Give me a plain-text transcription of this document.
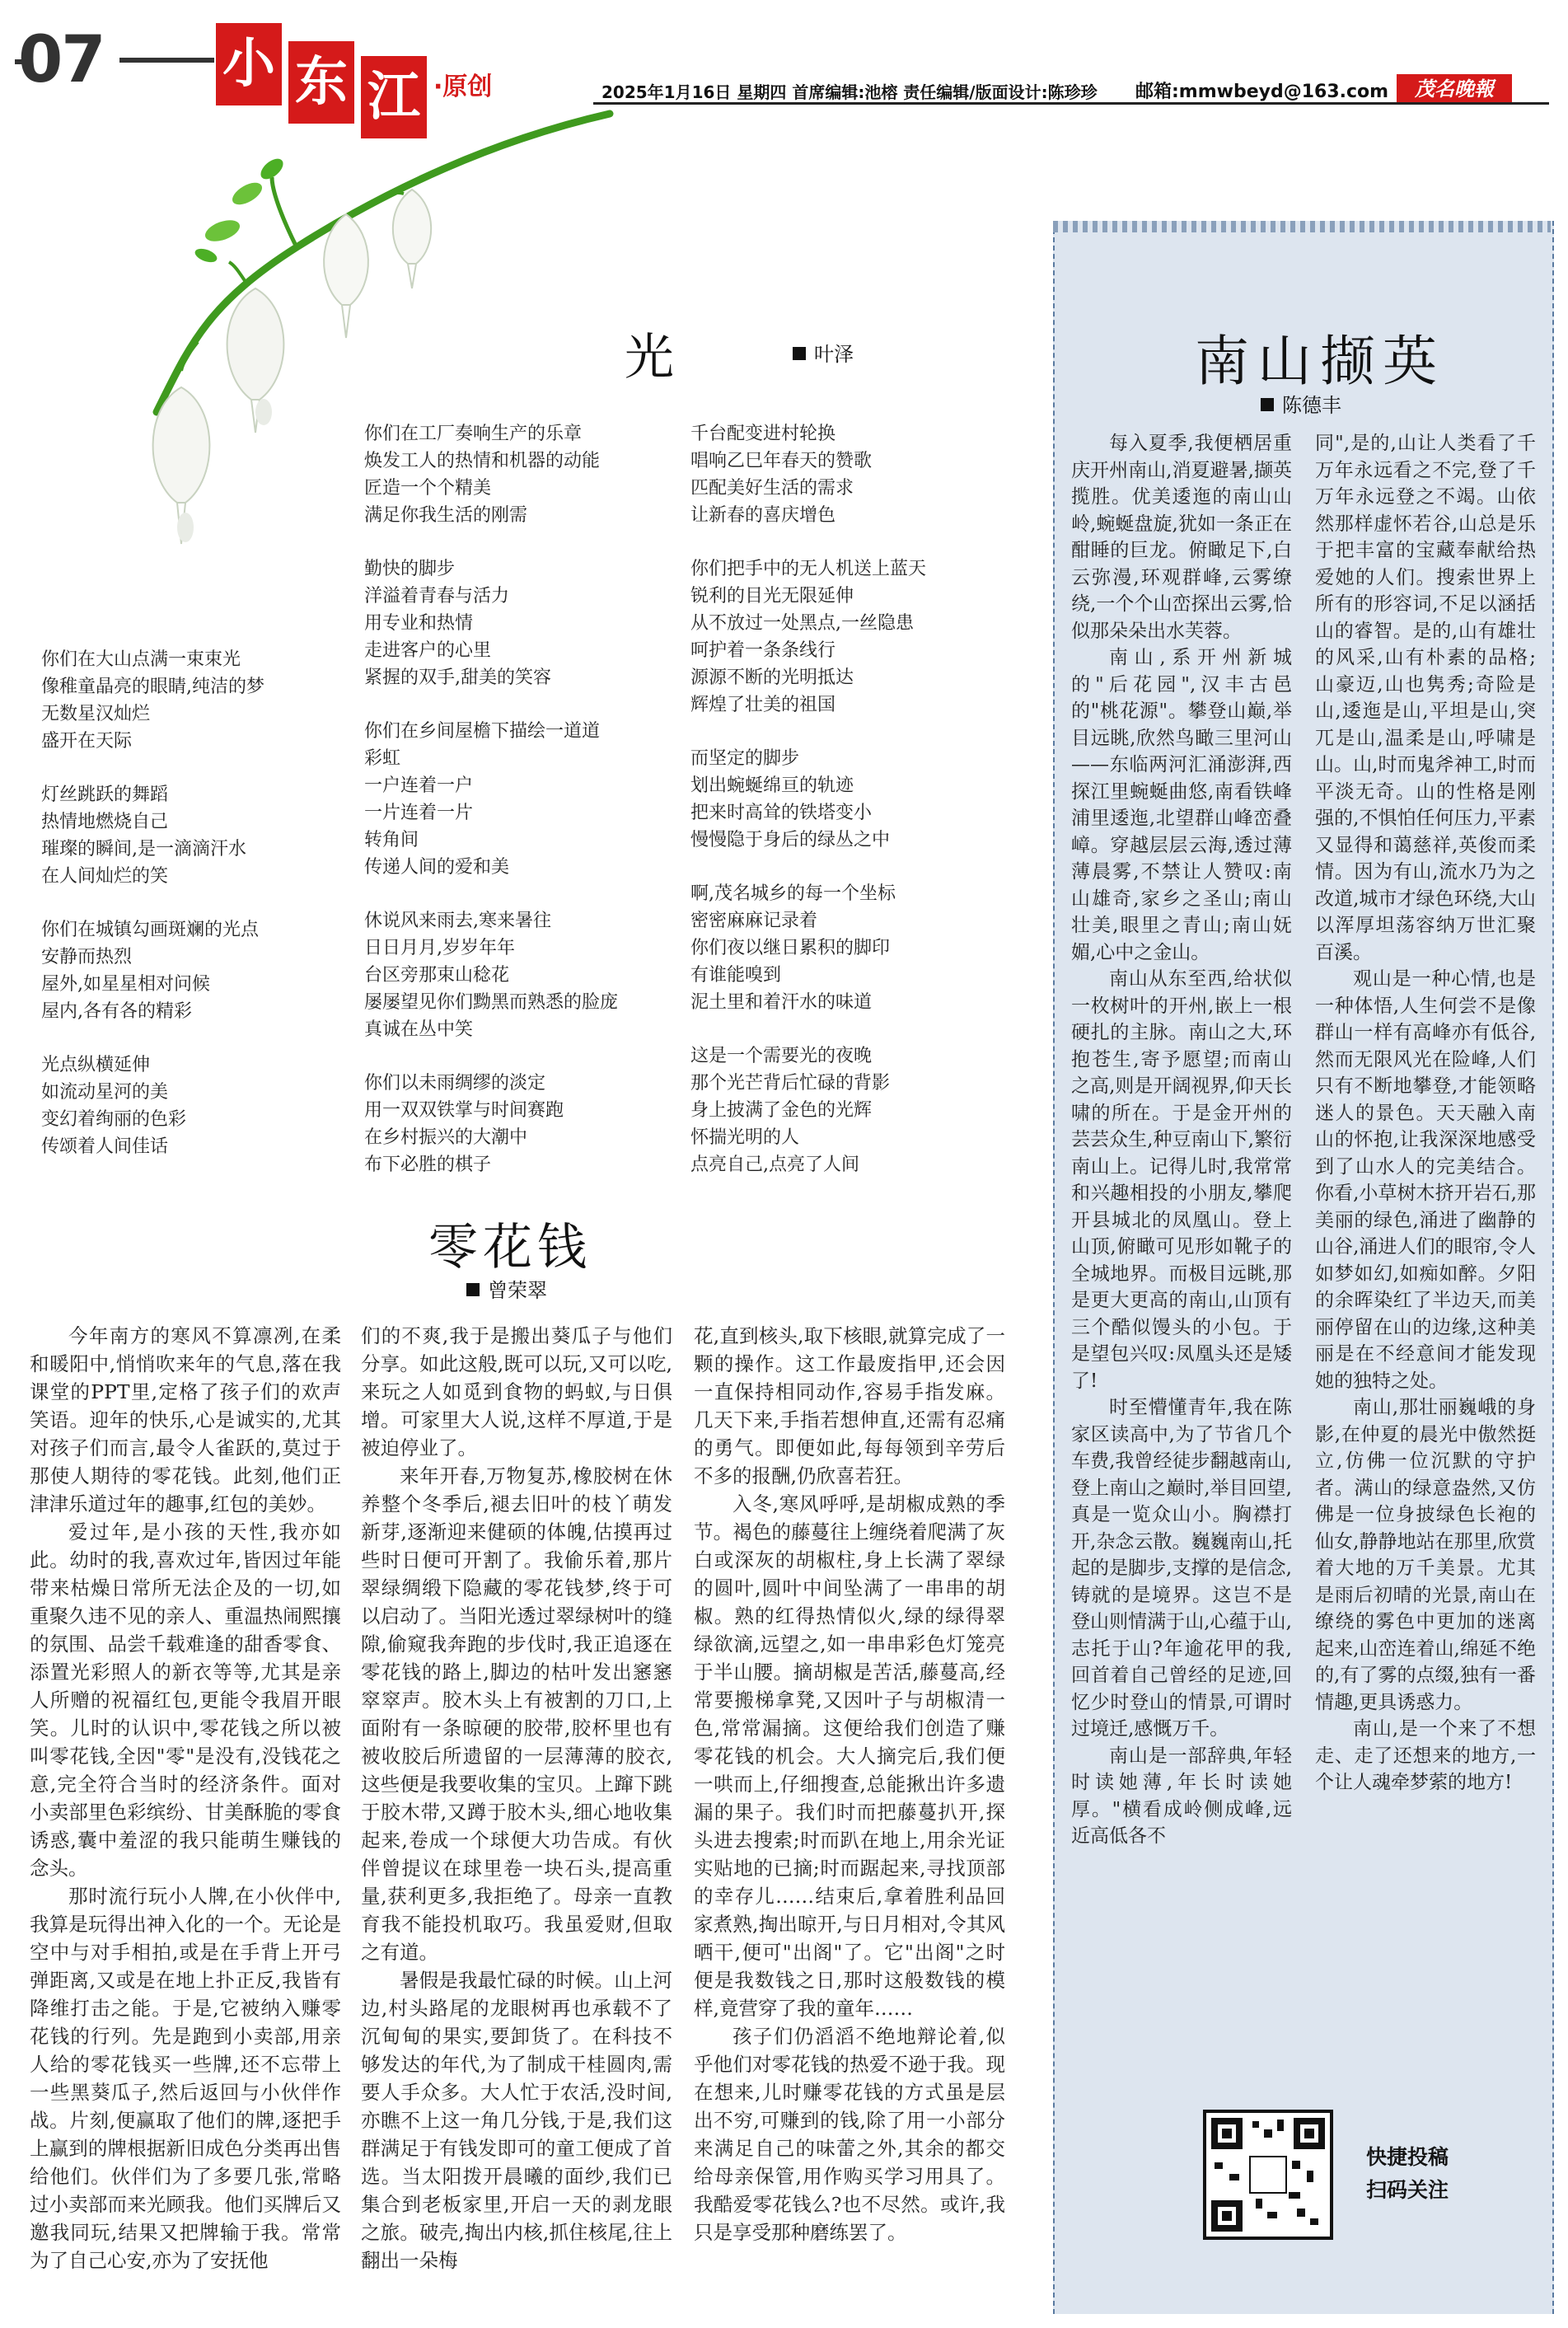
07 小 东 江 ·原创	2025年1月16日 星期四 首席编辑:池榕 责任编辑/版面设计:陈珍珍 邮箱:mmwbeyd@163.com	茂名晚報
光	叶泽

你们在大山点满一束束光
像稚童晶亮的眼睛,纯洁的梦
无数星汉灿烂
盛开在天际

灯丝跳跃的舞蹈
热情地燃烧自己
璀璨的瞬间,是一滴滴汗水
在人间灿烂的笑

你们在城镇勾画斑斓的光点
安静而热烈
屋外,如星星相对问候
屋内,各有各的精彩

光点纵横延伸
如流动星河的美
变幻着绚丽的色彩
传颂着人间佳话

你们在工厂奏响生产的乐章
焕发工人的热情和机器的动能
匠造一个个精美
满足你我生活的刚需

勤快的脚步
洋溢着青春与活力
用专业和热情
走进客户的心里
紧握的双手,甜美的笑容

你们在乡间屋檐下描绘一道道
彩虹
一户连着一户
一片连着一片
转角间
传递人间的爱和美

休说风来雨去,寒来暑往
日日月月,岁岁年年
台区旁那束山稔花
屡屡望见你们黝黑而熟悉的脸庞
真诚在丛中笑

你们以未雨绸缪的淡定
用一双双铁掌与时间赛跑
在乡村振兴的大潮中
布下必胜的棋子

千台配变进村轮换
唱响乙巳年春天的赞歌
匹配美好生活的需求
让新春的喜庆增色

你们把手中的无人机送上蓝天
锐利的目光无限延伸
从不放过一处黑点,一丝隐患
呵护着一条条线行
源源不断的光明抵达
辉煌了壮美的祖国

而坚定的脚步
划出蜿蜒绵亘的轨迹
把来时高耸的铁塔变小
慢慢隐于身后的绿丛之中

啊,茂名城乡的每一个坐标
密密麻麻记录着
你们夜以继日累积的脚印
有谁能嗅到
泥土里和着汗水的味道

这是一个需要光的夜晚
那个光芒背后忙碌的背影
身上披满了金色的光辉
怀揣光明的人
点亮自己,点亮了人间

零花钱
曾荣翠

今年南方的寒风不算凛冽,在柔和暖阳中,悄悄吹来年的气息,落在我课堂的PPT里,定格了孩子们的欢声笑语。迎年的快乐,心是诚实的,尤其对孩子们而言,最令人雀跃的,莫过于那使人期待的零花钱。此刻,他们正津津乐道过年的趣事,红包的美妙。

爱过年,是小孩的天性,我亦如此。幼时的我,喜欢过年,皆因过年能带来枯燥日常所无法企及的一切,如重聚久违不见的亲人、重温热闹熙攘的氛围、品尝千载难逢的甜香零食、添置光彩照人的新衣等等,尤其是亲人所赠的祝福红包,更能令我眉开眼笑。儿时的认识中,零花钱之所以被叫零花钱,全因"零"是没有,没钱花之意,完全符合当时的经济条件。面对小卖部里色彩缤纷、甘美酥脆的零食诱惑,囊中羞涩的我只能萌生赚钱的念头。

那时流行玩小人牌,在小伙伴中,我算是玩得出神入化的一个。无论是空中与对手相拍,或是在手背上开弓弹距离,又或是在地上扑正反,我皆有降维打击之能。于是,它被纳入赚零花钱的行列。先是跑到小卖部,用亲人给的零花钱买一些牌,还不忘带上一些黑葵瓜子,然后返回与小伙伴作战。片刻,便赢取了他们的牌,逐把手上赢到的牌根据新旧成色分类再出售给他们。伙伴们为了多要几张,常略过小卖部而来光顾我。他们买牌后又邀我同玩,结果又把牌输于我。常常为了自己心安,亦为了安抚他

们的不爽,我于是搬出葵瓜子与他们分享。如此这般,既可以玩,又可以吃,来玩之人如觅到食物的蚂蚁,与日俱增。可家里大人说,这样不厚道,于是被迫停业了。

来年开春,万物复苏,橡胶树在休养整个冬季后,褪去旧叶的枝丫萌发新芽,逐渐迎来健硕的体魄,估摸再过些时日便可开割了。我偷乐着,那片翠绿绸缎下隐藏的零花钱梦,终于可以启动了。当阳光透过翠绿树叶的缝隙,偷窥我奔跑的步伐时,我正追逐在零花钱的路上,脚边的枯叶发出窸窸窣窣声。胶木头上有被割的刀口,上面附有一条晾硬的胶带,胶杯里也有被收胶后所遗留的一层薄薄的胶衣,这些便是我要收集的宝贝。上蹿下跳于胶木带,又蹲于胶木头,细心地收集起来,卷成一个球便大功告成。有伙伴曾提议在球里卷一块石头,提高重量,获利更多,我拒绝了。母亲一直教育我不能投机取巧。我虽爱财,但取之有道。

暑假是我最忙碌的时候。山上河边,村头路尾的龙眼树再也承载不了沉甸甸的果实,要卸货了。在科技不够发达的年代,为了制成干桂圆肉,需要人手众多。大人忙于农活,没时间,亦瞧不上这一角几分钱,于是,我们这群满足于有钱发即可的童工便成了首选。当太阳拨开晨曦的面纱,我们已集合到老板家里,开启一天的剥龙眼之旅。破壳,掏出内核,抓住核尾,往上翻出一朵梅

花,直到核头,取下核眼,就算完成了一颗的操作。这工作最废指甲,还会因一直保持相同动作,容易手指发麻。几天下来,手指若想伸直,还需有忍痛的勇气。即便如此,每每领到辛劳后不多的报酬,仍欣喜若狂。

入冬,寒风呼呼,是胡椒成熟的季节。褐色的藤蔓往上缠绕着爬满了灰白或深灰的胡椒柱,身上长满了翠绿的圆叶,圆叶中间坠满了一串串的胡椒。熟的红得热情似火,绿的绿得翠绿欲滴,远望之,如一串串彩色灯笼亮于半山腰。摘胡椒是苦活,藤蔓高,经常要搬梯拿凳,又因叶子与胡椒清一色,常常漏摘。这便给我们创造了赚零花钱的机会。大人摘完后,我们便一哄而上,仔细搜查,总能揪出许多遗漏的果子。我们时而把藤蔓扒开,探头进去搜索;时而趴在地上,用余光证实贴地的已摘;时而踞起来,寻找顶部的幸存儿……结束后,拿着胜利品回家煮熟,掏出晾开,与日月相对,令其风晒干,便可"出阁"了。它"出阁"之时便是我数钱之日,那时这般数钱的模样,竟营穿了我的童年……

孩子们仍滔滔不绝地辩论着,似乎他们对零花钱的热爱不逊于我。现在想来,儿时赚零花钱的方式虽是层出不穷,可赚到的钱,除了用一小部分来满足自己的味蕾之外,其余的都交给母亲保管,用作购买学习用具了。我酷爱零花钱么?也不尽然。或许,我只是享受那种磨练罢了。

南山撷英
陈德丰

每入夏季,我便栖居重庆开州南山,消夏避暑,撷英揽胜。优美逶迤的南山山岭,蜿蜒盘旋,犹如一条正在酣睡的巨龙。俯瞰足下,白云弥漫,环观群峰,云雾缭绕,一个个山峦探出云雾,恰似那朵朵出水芙蓉。

南山,系开州新城的"后花园",汉丰古邑的"桃花源"。攀登山巅,举目远眺,欣然鸟瞰三里河山——东临两河汇涌澎湃,西探江里蜿蜒曲悠,南看铁峰浦里逶迤,北望群山峰峦叠嶂。穿越层层云海,透过薄薄晨雾,不禁让人赞叹:南山雄奇,家乡之圣山;南山壮美,眼里之青山;南山妩媚,心中之金山。

南山从东至西,给状似一枚树叶的开州,嵌上一根硬扎的主脉。南山之大,环抱苍生,寄予愿望;而南山之高,则是开阔视界,仰天长啸的所在。于是金开州的芸芸众生,种豆南山下,繁衍南山上。记得儿时,我常常和兴趣相投的小朋友,攀爬开县城北的凤凰山。登上山顶,俯瞰可见形如靴子的全城地界。而极目远眺,那是更大更高的南山,山顶有三个酷似馒头的小包。于是望包兴叹:凤凰头还是矮了!

时至懵懂青年,我在陈家区读高中,为了节省几个车费,我曾经徒步翻越南山,登上南山之巅时,举目回望,真是一览众山小。胸襟打开,杂念云散。巍巍南山,托起的是脚步,支撑的是信念,铸就的是境界。这岂不是登山则情满于山,心蕴于山,志托于山?年逾花甲的我,回首着自己曾经的足迹,回忆少时登山的情景,可谓时过境迁,感慨万千。

南山是一部辞典,年轻时读她薄,年长时读她厚。"横看成岭侧成峰,远近高低各不

同",是的,山让人类看了千万年永远看之不完,登了千万年永远登之不竭。山依然那样虚怀若谷,山总是乐于把丰富的宝藏奉献给热爱她的人们。搜索世界上所有的形容词,不足以涵括山的睿智。是的,山有雄壮的风采,山有朴素的品格;山豪迈,山也隽秀;奇险是山,逶迤是山,平坦是山,突兀是山,温柔是山,呼啸是山。山,时而鬼斧神工,时而平淡无奇。山的性格是刚强的,不惧怕任何压力,平素又显得和蔼慈祥,英俊而柔情。因为有山,流水乃为之改道,城市才绿色环绕,大山以浑厚坦荡容纳万世汇聚百溪。

观山是一种心情,也是一种体悟,人生何尝不是像群山一样有高峰亦有低谷,然而无限风光在险峰,人们只有不断地攀登,才能领略迷人的景色。天天融入南山的怀抱,让我深深地感受到了山水人的完美结合。你看,小草树木挤开岩石,那美丽的绿色,涌进了幽静的山谷,涌进人们的眼帘,令人如梦如幻,如痴如醉。夕阳的余晖染红了半边天,而美丽停留在山的边缘,这种美丽是在不经意间才能发现她的独特之处。

南山,那壮丽巍峨的身影,在仲夏的晨光中傲然挺立,仿佛一位沉默的守护者。满山的绿意盎然,又仿佛是一位身披绿色长袍的仙女,静静地站在那里,欣赏着大地的万千美景。尤其是雨后初晴的光景,南山在缭绕的雾色中更加的迷离起来,山峦连着山,绵延不绝的,有了雾的点缀,独有一番情趣,更具诱惑力。

南山,是一个来了不想走、走了还想来的地方,一个让人魂牵梦萦的地方!

快捷投稿
扫码关注
